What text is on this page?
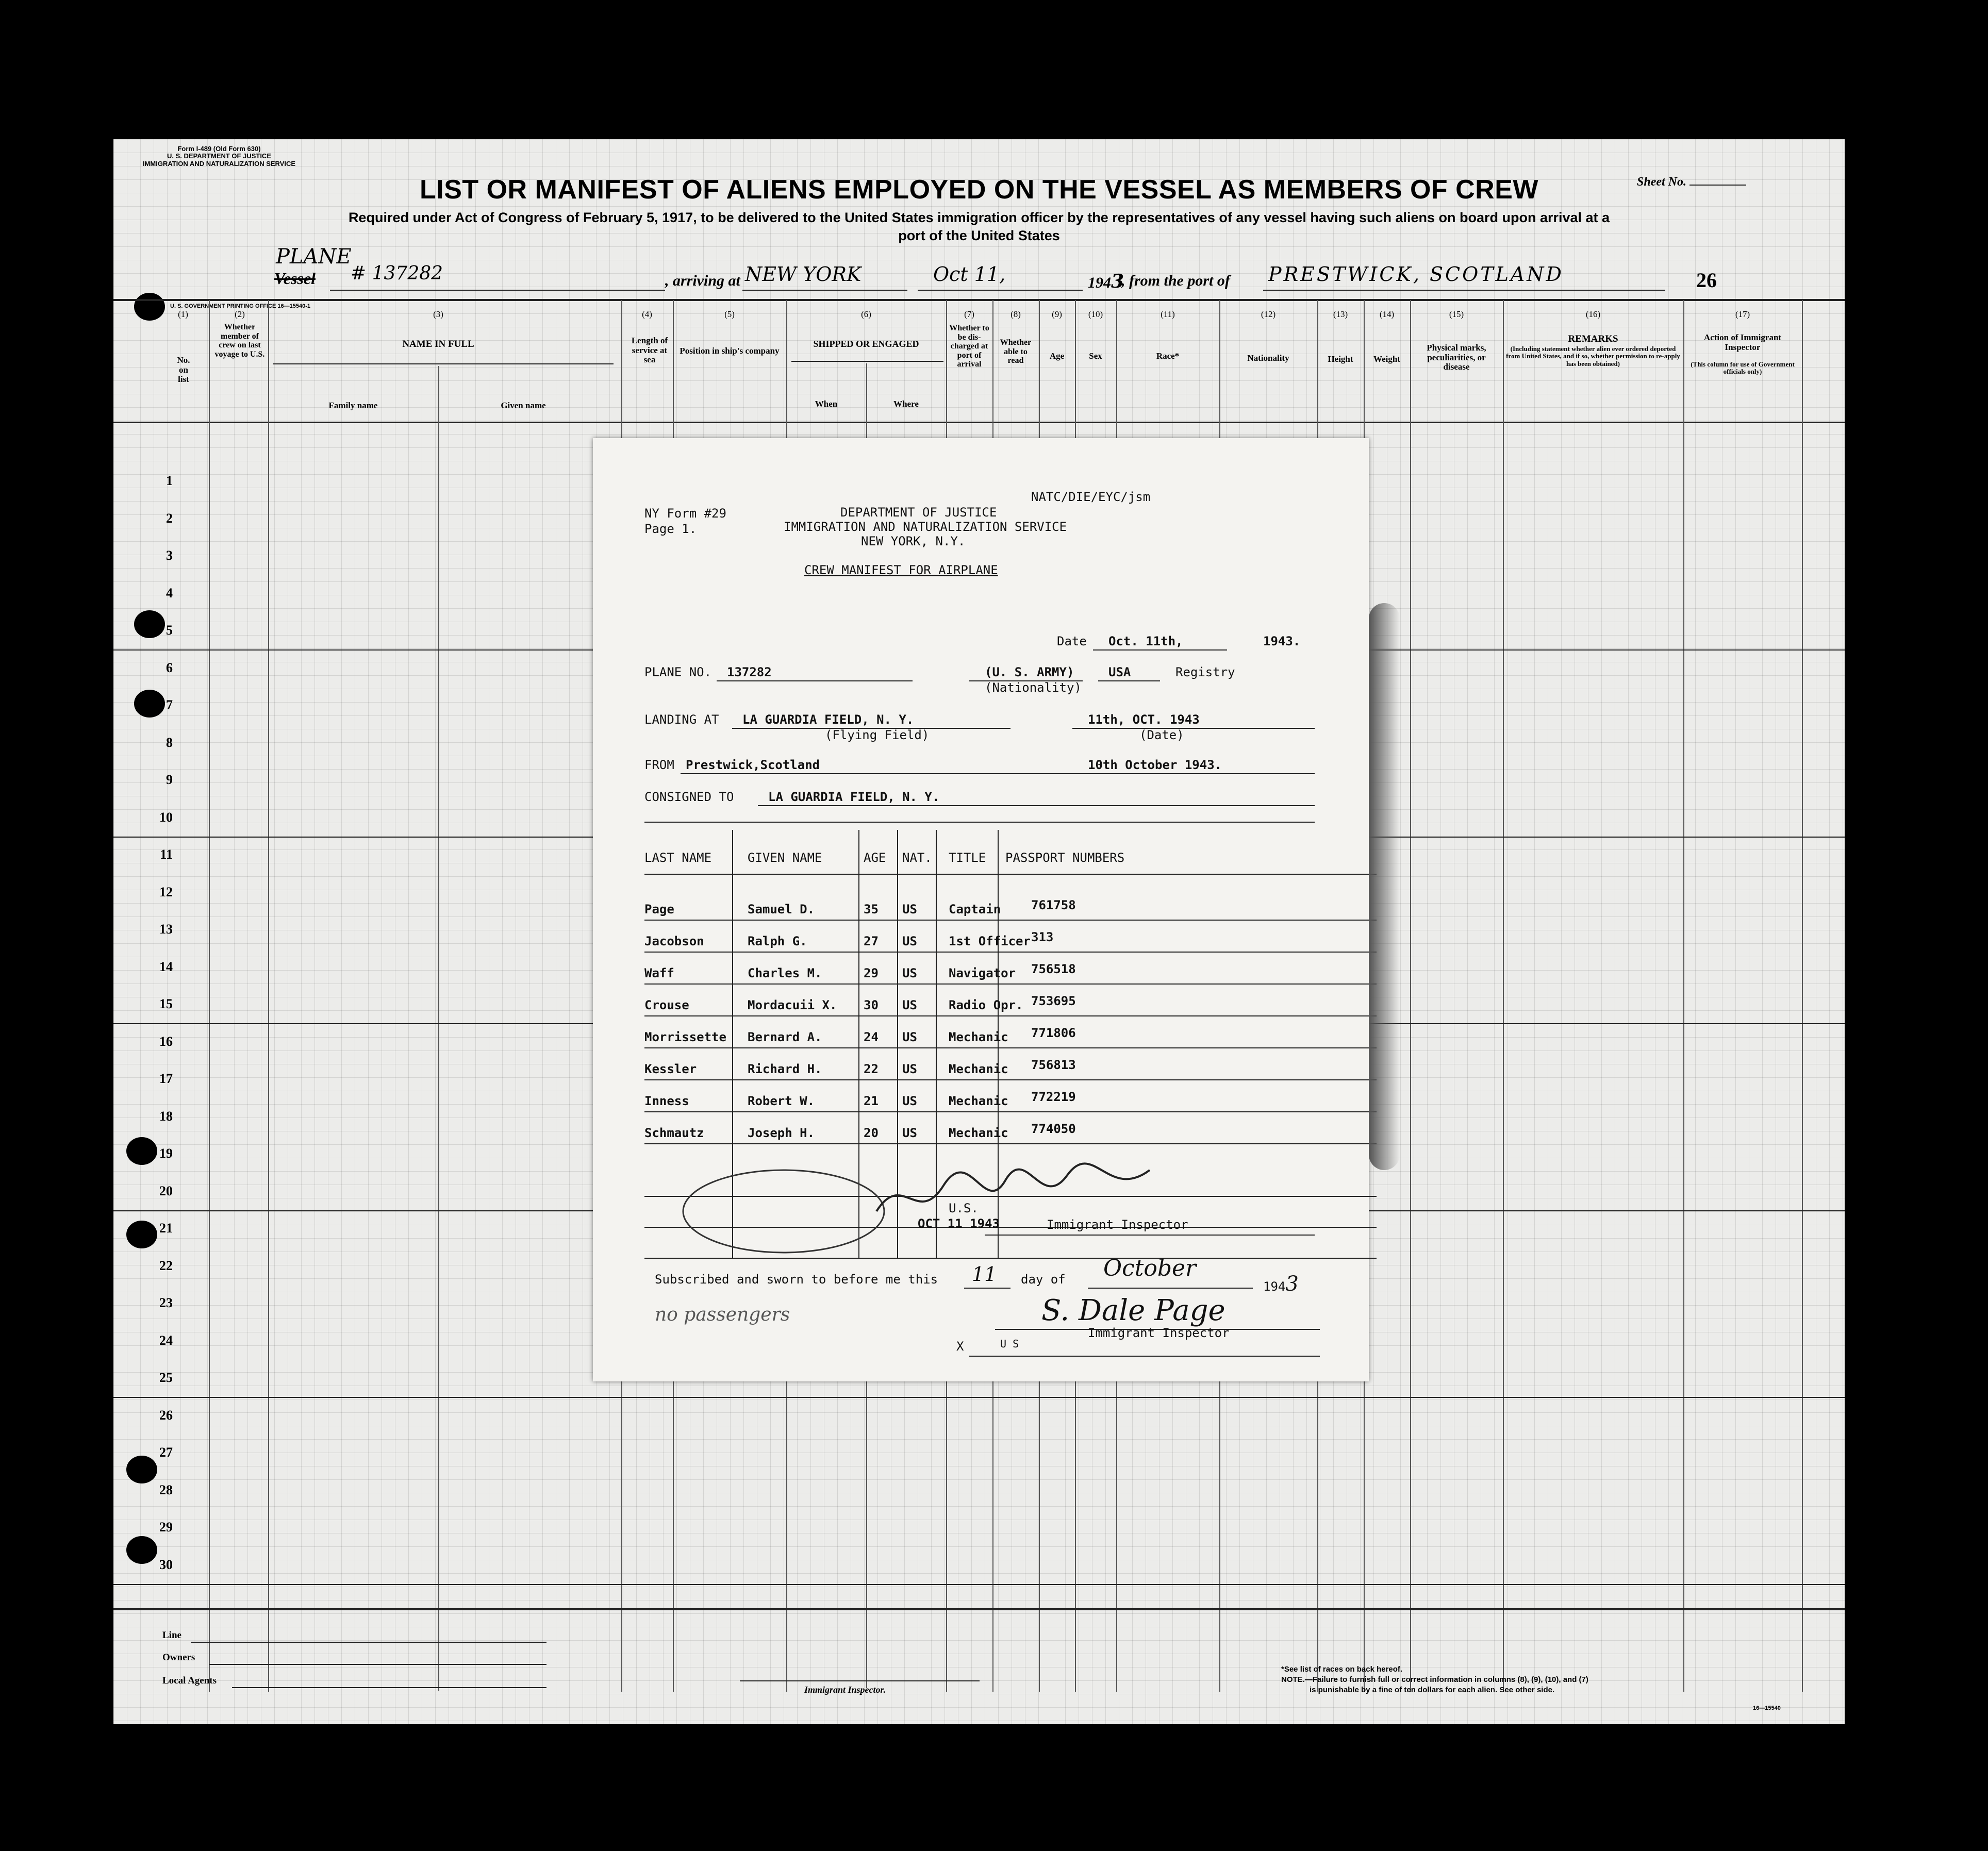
Form I-489 (Old Form 630)
U. S. DEPARTMENT OF JUSTICE
IMMIGRATION AND NATURALIZATION SERVICE
Sheet No.
LIST OR MANIFEST OF ALIENS EMPLOYED ON THE VESSEL AS MEMBERS OF CREW
Required under Act of Congress of February 5, 1917, to be delivered to the United States immigration officer by the representatives of any vessel having such aliens on board upon arrival at a
port of the United States
PLANE
Vessel # 137282	, arriving at NEW YORK	Oct 11,	1943
, from the port of PRESTWICK, SCOTLAND	26
U. S. GOVERNMENT PRINTING OFFICE 16—15540-1
(1)	(2)	(3)	(4)	(5)	(6)	(7)	(8)	(9)	(10)	(11)	(12)	(13)	(14)	(15)	(16)	(17)
No. on list
Whether member of crew on last voyage to U.S.
NAME IN FULL
Family name	Given name
Length of service at sea
Position in ship's company
SHIPPED OR ENGAGED
When	Where
Whether to be dis-charged at port of arrival
Whether able to read	Age	Sex	Race*	Nationality	Height	Weight
Physical marks, peculiarities, or disease
REMARKS
(Including statement whether alien ever ordered deported from United States, and if so, whether permission to re-apply has been obtained)
Action of Immigrant Inspector
(This column for use of Government officials only)
1
2
3
4
5
6
7
8
9
10
11
12
13
14
15
16
17
18
19
20
21
22
23
24
25
26
27
28
29
30
Line
Owners
Local Agents
Immigrant Inspector.
*See list of races on back hereof.
NOTE.—Failure to furnish full or correct information in columns (8), (9), (10), and (7)
is punishable by a fine of ten dollars for each alien. See other side.
16—15540
NATC/DIE/EYC/jsm
NY Form #29
Page 1.
DEPARTMENT OF JUSTICE
IMMIGRATION AND NATURALIZATION SERVICE
NEW YORK, N.Y.
CREW MANIFEST FOR AIRPLANE
Date Oct. 11th,	1943.
PLANE NO. 137282	(U. S. ARMY)
(Nationality)
USA	Registry
LANDING AT LA GUARDIA FIELD, N. Y.
(Flying Field)
11th, OCT. 1943
(Date)
FROM Prestwick,Scotland	10th October 1943.
CONSIGNED TO	LA GUARDIA FIELD, N. Y.
LAST NAME	GIVEN NAME	AGE NAT. TITLE PASSPORT NUMBERS
Page	Samuel D.	35 US	Captain 761758
Jacobson	Ralph G.	27 US	1st Officer 313
Waff	Charles M.	29 US	Navigator 756518
Crouse	Mordacuii X. 30 US	Radio Opr. 753695
Morrissette Bernard A.	24 US	Mechanic 771806
Kessler	Richard H.	22 US	Mechanic 756813
Inness	Robert W.	21 US	Mechanic 772219
Schmautz	Joseph H.	20 US	Mechanic 774050
U.S.
OCT 11 1943	Immigrant Inspector
Subscribed and sworn to before me this 11 day of October
1943
S. Dale Page
X	U S
Immigrant Inspector
no passengers
